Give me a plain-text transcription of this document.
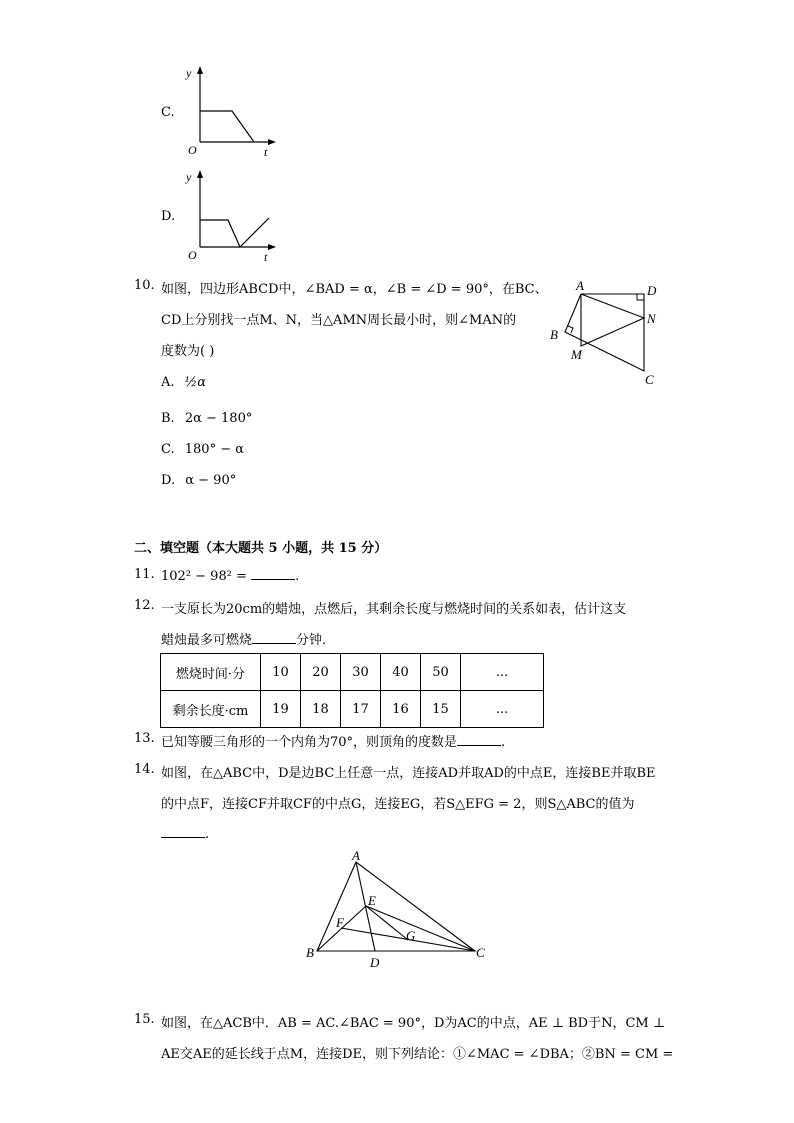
C.
y
O	t
D.
y
O	t
10. 如图，四边形ABCD中，∠BAD = α，∠B = ∠D = 90°，在BC、
CD上分别找一点M、N，当△AMN周长最小时，则∠MAN的
度数为( )
A. ½α
B. 2α − 180°
C. 180° − α
D. α − 90°
A	D
N
B
M
C
二、填空题（本大题共 5 小题，共 15 分）
11. 102² − 98² =	.
12. 一支原长为20cm的蜡烛，点燃后，其剩余长度与燃烧时间的关系如表，估计这支
蜡烛最多可燃烧	分钟.
燃烧时间·分	10	20	30	40	50	...
剩余长度·cm	19	18	17	16	15	...
13. 已知等腰三角形的一个内角为70°，则顶角的度数是	.
14. 如图，在△ABC中，D是边BC上任意一点，连接AD并取AD的中点E，连接BE并取BE
的中点F，连接CF并取CF的中点G，连接EG，若S△EFG = 2，则S△ABC的值为
.
A
E
F
G
B	C
D
15. 如图，在△ACB中．AB = AC.∠BAC = 90°，D为AC的中点，AE ⊥ BD于N，CM ⊥
AE交AE的延长线于点M，连接DE，则下列结论：①∠MAC = ∠DBA；②BN = CM =
